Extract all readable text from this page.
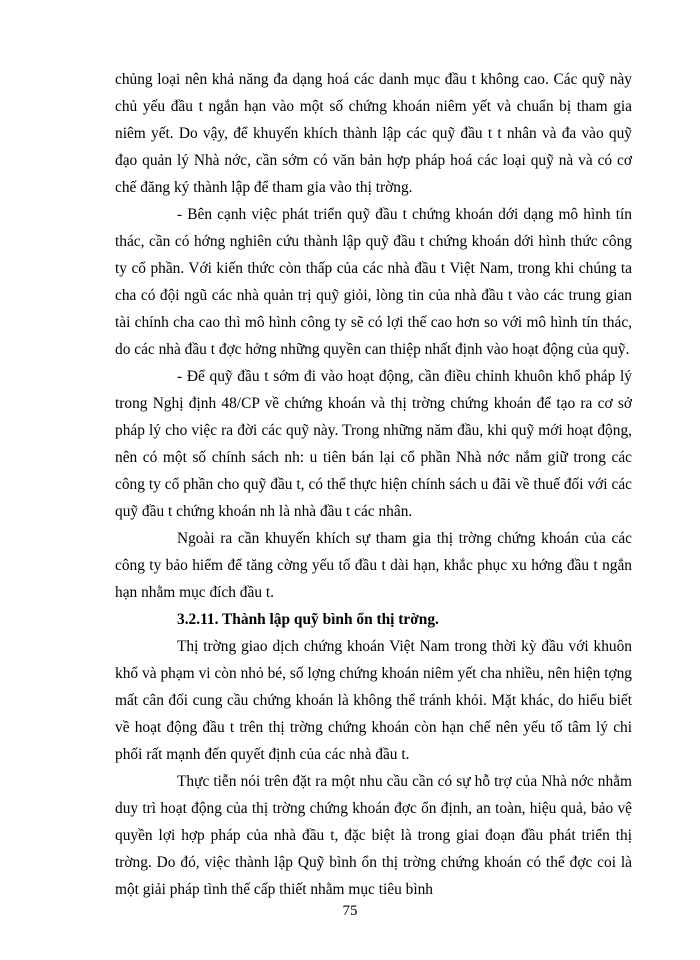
chủng loại nên khả năng đa dạng hoá các danh mục đầu t không cao. Các quỹ này chủ yếu đầu t ngắn hạn vào một số chứng khoán niêm yết và chuẩn bị tham gia niêm yết. Do vậy, để khuyến khích thành lập các quỹ đầu t t nhân và đa vào quỹ đạo quản lý Nhà nớc, cần sớm có văn bản hợp pháp hoá các loại quỹ nà và có cơ chế đăng ký thành lập để tham gia vào thị trờng.

- Bên cạnh việc phát triển quỹ đầu t chứng khoán dới dạng mô hình tín thác, cần có hớng nghiên cứu thành lập quỹ đầu t chứng khoán dới hình thức công ty cổ phần. Với kiến thức còn thấp của các nhà đầu t Việt Nam, trong khi chúng ta cha có đội ngũ các nhà quản trị quỹ giỏi, lòng tin của nhà đầu t vào các trung gian tài chính cha cao thì mô hình công ty sẽ có lợi thế cao hơn so với mô hình tín thác, do các nhà đầu t đợc hởng những quyền can thiệp nhất định vào hoạt động của quỹ.

- Để quỹ đầu t sớm đi vào hoạt động, cần điều chỉnh khuôn khổ pháp lý trong Nghị định 48/CP về chứng khoán và thị trờng chứng khoán để tạo ra cơ sở pháp lý cho việc ra đời các quỹ này. Trong những năm đầu, khi quỹ mới hoạt động, nên có một số chính sách nh: u tiên bán lại cổ phần Nhà nớc nắm giữ trong các công ty cổ phần cho quỹ đầu t, có thể thực hiện chính sách u đãi về thuế đối với các quỹ đầu t chứng khoán nh là nhà đầu t các nhân.

Ngoài ra cần khuyến khích sự tham gia thị trờng chứng khoán của các công ty bảo hiểm để tăng cờng yếu tố đầu t dài hạn, khắc phục xu hớng đầu t ngắn hạn nhằm mục đích đầu t.

3.2.11. Thành lập quỹ bình ổn thị trờng.

Thị trờng giao dịch chứng khoán Việt Nam trong thời kỳ đầu với khuôn khổ và phạm vi còn nhỏ bé, số lợng chứng khoán niêm yết cha nhiều, nên hiện tợng mất cân đối cung cầu chứng khoán là không thể tránh khỏi. Mặt khác, do hiểu biết về hoạt động đầu t trên thị trờng chứng khoán còn hạn chế nên yếu tố tâm lý chi phối rất mạnh đến quyết định của các nhà đầu t.

Thực tiễn nói trên đặt ra một nhu cầu cần có sự hỗ trợ của Nhà nớc nhằm duy trì hoạt động của thị trờng chứng khoán đợc ổn định, an toàn, hiệu quả, bảo vệ quyền lợi hợp pháp của nhà đầu t, đặc biệt là trong giai đoạn đầu phát triển thị trờng. Do đó, việc thành lập Quỹ bình ổn thị trờng chứng khoán có thể đợc coi là một giải pháp tình thế cấp thiết nhằm mục tiêu bình

75
